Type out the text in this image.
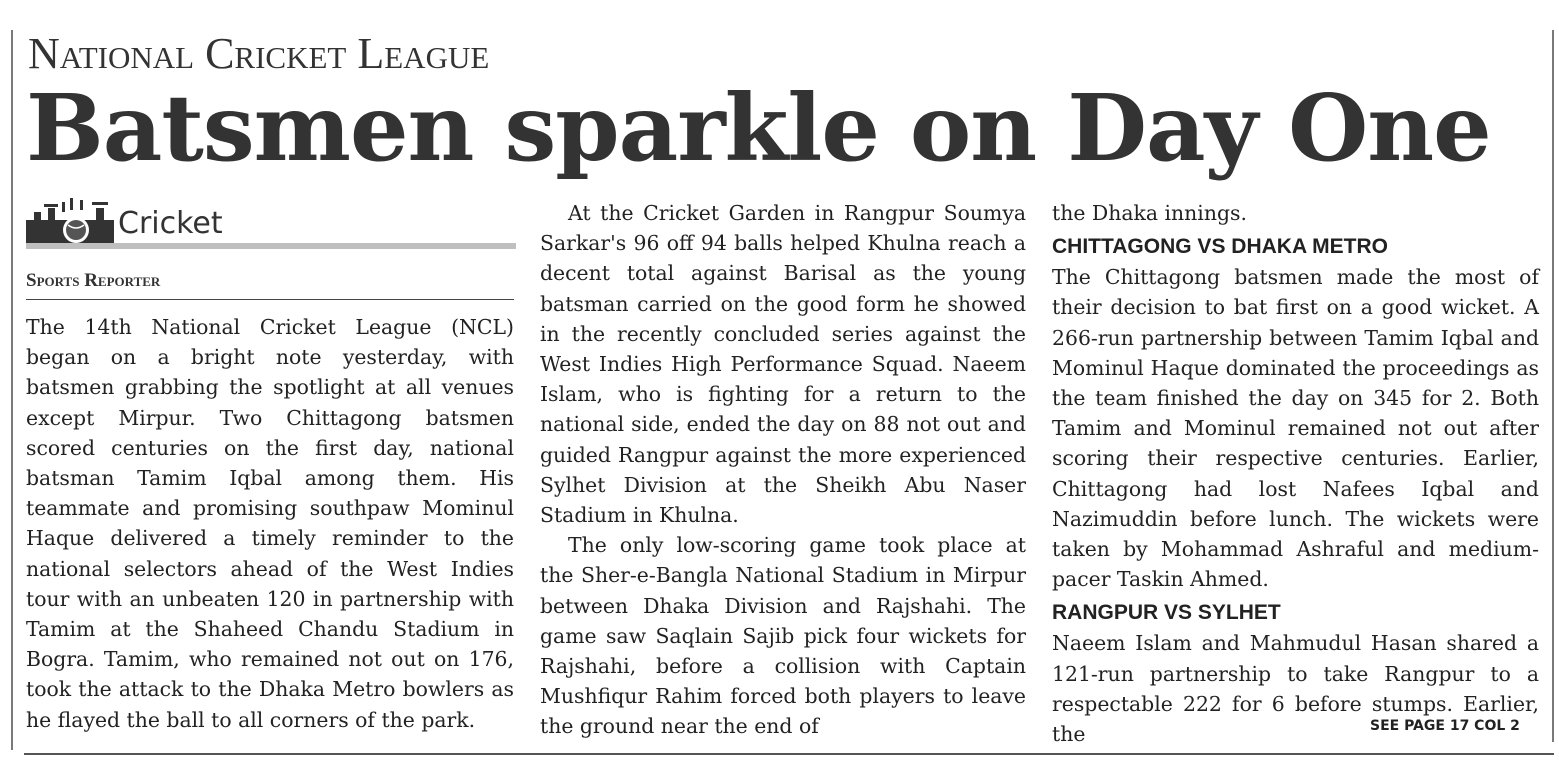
National Cricket League
Batsmen sparkle on Day One
Cricket
Sports Reporter

The 14th National Cricket League (NCL) began on a bright note yesterday, with batsmen grabbing the spotlight at all venues except Mirpur. Two Chittagong batsmen scored centuries on the first day, national batsman Tamim Iqbal among them. His teammate and promising southpaw Mominul Haque delivered a timely reminder to the national selectors ahead of the West Indies tour with an unbeaten 120 in partnership with Tamim at the Shaheed Chandu Stadium in Bogra. Tamim, who remained not out on 176, took the attack to the Dhaka Metro bowlers as he flayed the ball to all corners of the park.

At the Cricket Garden in Rangpur Soumya Sarkar's 96 off 94 balls helped Khulna reach a decent total against Barisal as the young batsman carried on the good form he showed in the recently concluded series against the West Indies High Performance Squad. Naeem Islam, who is fighting for a return to the national side, ended the day on 88 not out and guided Rangpur against the more experienced Sylhet Division at the Sheikh Abu Naser Stadium in Khulna.

The only low-scoring game took place at the Sher-e-Bangla National Stadium in Mirpur between Dhaka Division and Rajshahi. The game saw Saqlain Sajib pick four wickets for Rajshahi, before a collision with Captain Mushfiqur Rahim forced both players to leave the ground near the end of

the Dhaka innings.

CHITTAGONG VS DHAKA METRO

The Chittagong batsmen made the most of their decision to bat first on a good wicket. A 266-run partnership between Tamim Iqbal and Mominul Haque dominated the proceedings as the team finished the day on 345 for 2. Both Tamim and Mominul remained not out after scoring their respective centuries. Earlier, Chittagong had lost Nafees Iqbal and Nazimuddin before lunch. The wickets were taken by Mohammad Ashraful and medium-pacer Taskin Ahmed.

RANGPUR VS SYLHET

Naeem Islam and Mahmudul Hasan shared a 121-run partnership to take Rangpur to a respectable 222 for 6 before stumps. Earlier, the	SEE PAGE 17 COL 2
